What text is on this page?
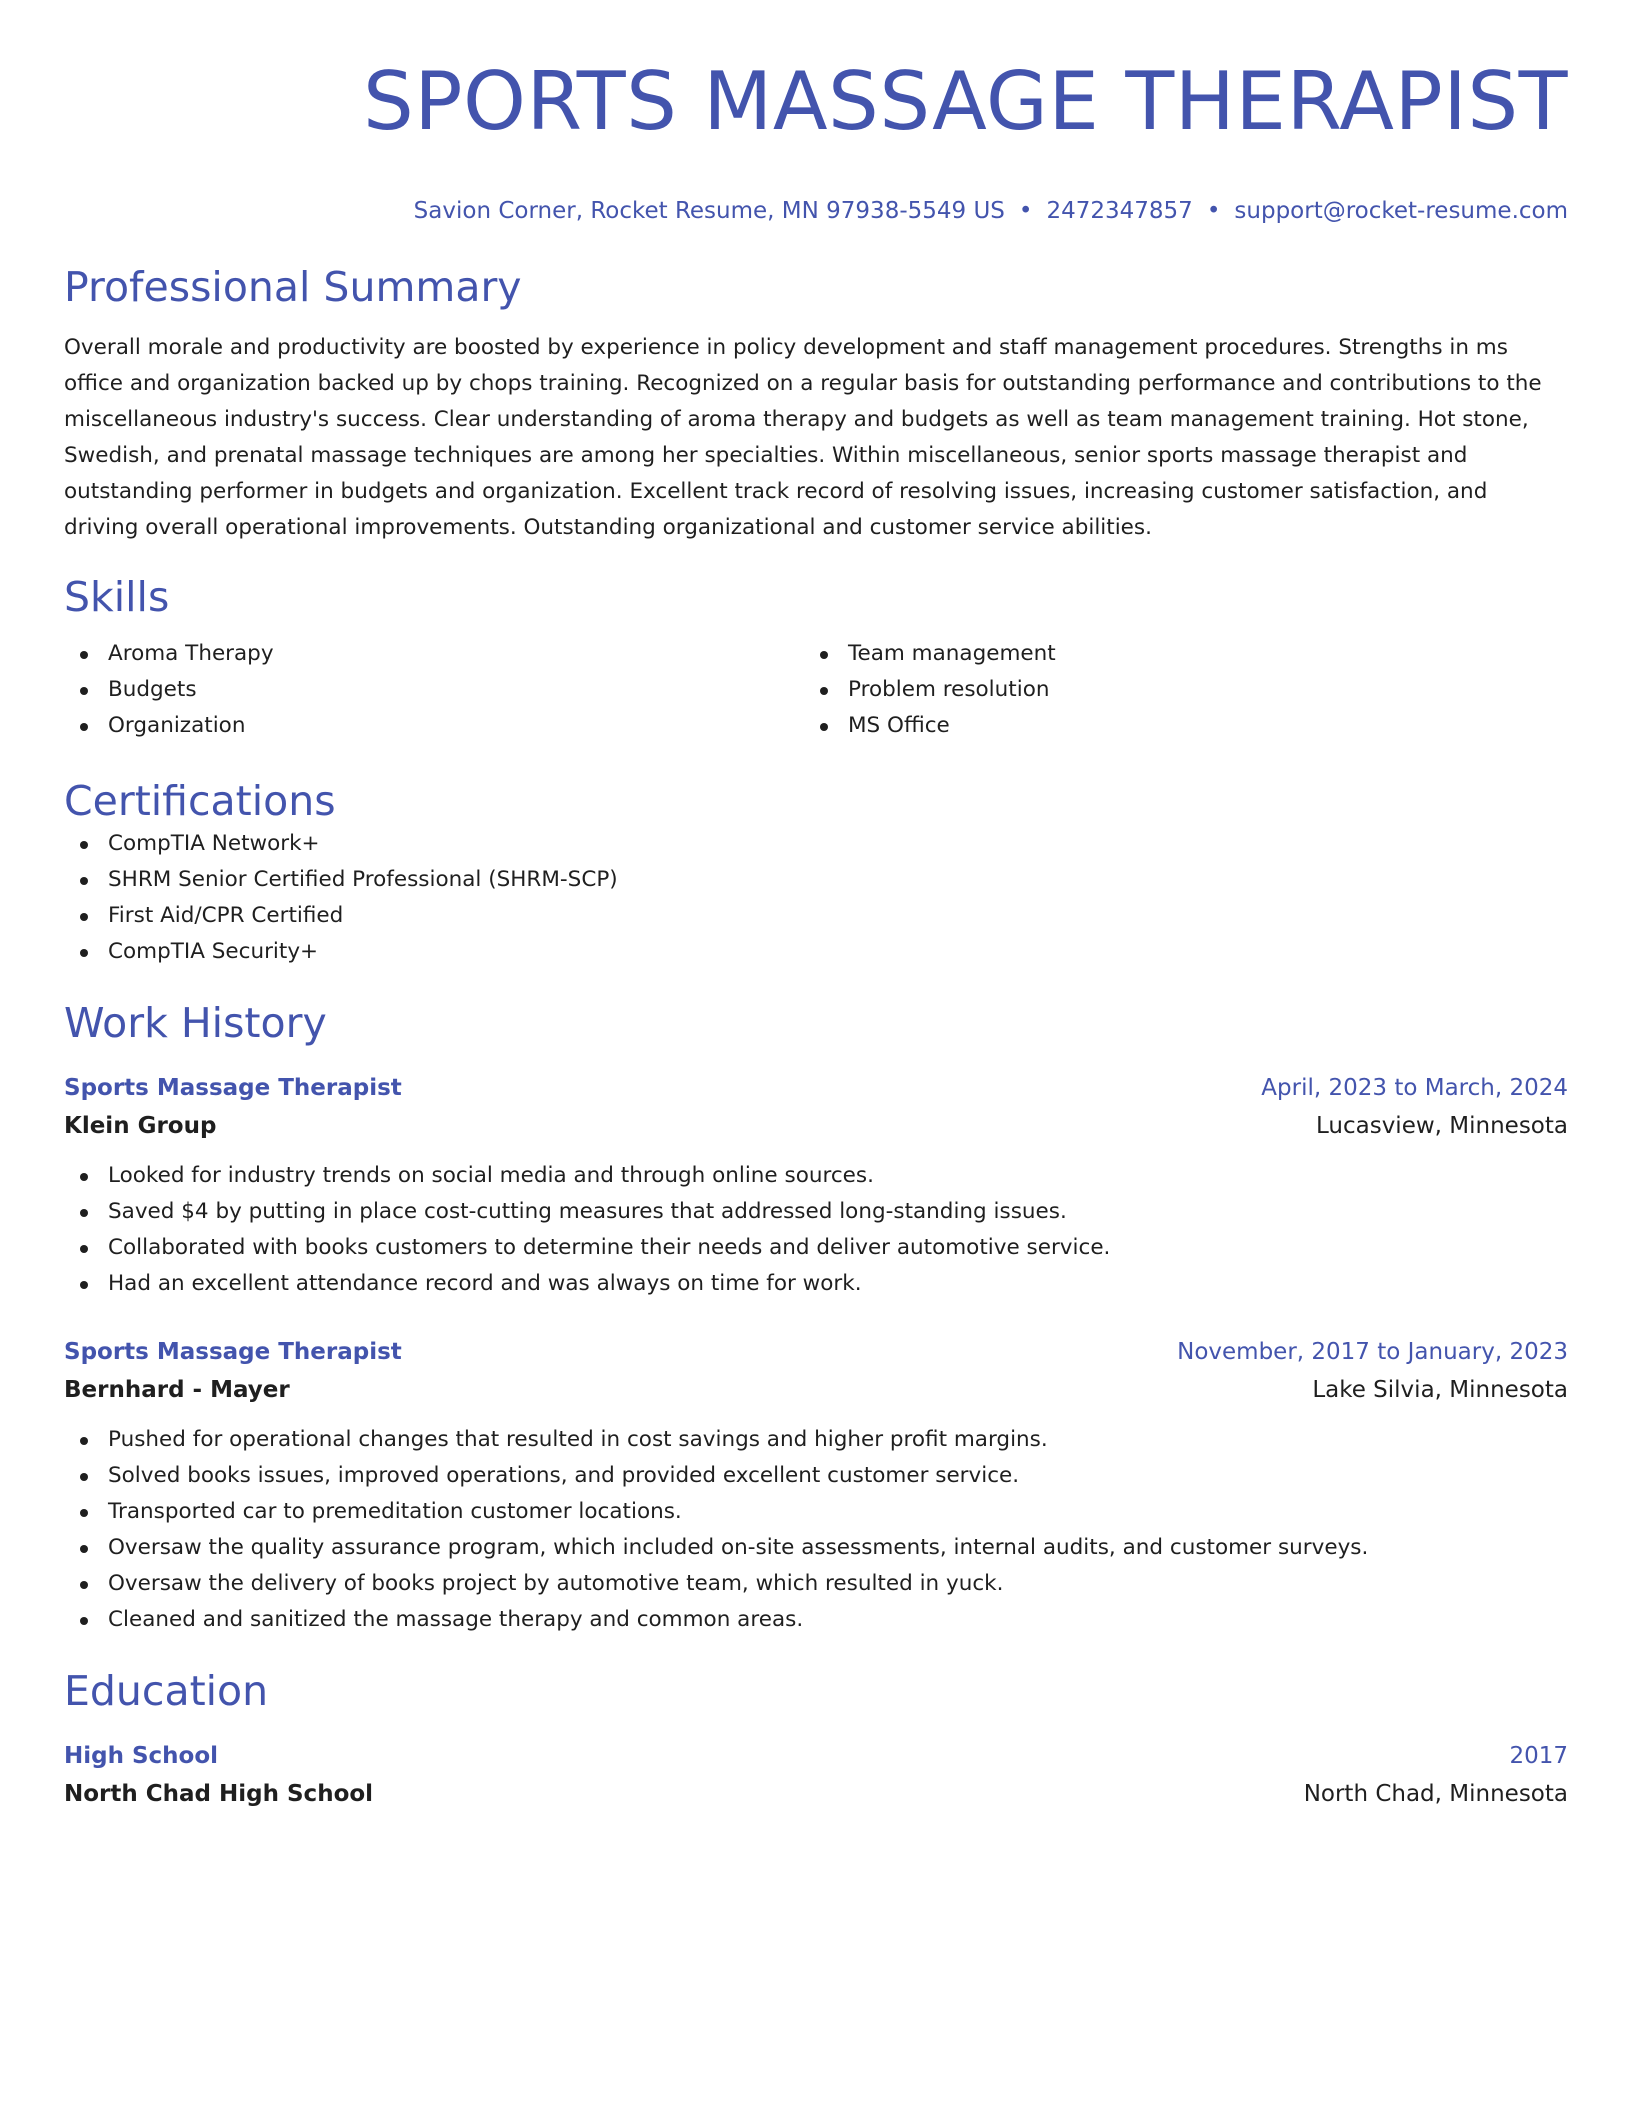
SPORTS MASSAGE THERAPIST
Savion Corner, Rocket Resume, MN 97938-5549 US • 2472347857 • support@rocket-resume.com
Professional Summary
Overall morale and productivity are boosted by experience in policy development and staff management procedures. Strengths in ms office and organization backed up by chops training. Recognized on a regular basis for outstanding performance and contributions to the miscellaneous industry's success. Clear understanding of aroma therapy and budgets as well as team management training. Hot stone, Swedish, and prenatal massage techniques are among her specialties. Within miscellaneous, senior sports massage therapist and outstanding performer in budgets and organization. Excellent track record of resolving issues, increasing customer satisfaction, and driving overall operational improvements. Outstanding organizational and customer service abilities.
Skills
Aroma Therapy
Budgets
Organization
Team management
Problem resolution
MS Office
Certifications
CompTIA Network+
SHRM Senior Certified Professional (SHRM-SCP)
First Aid/CPR Certified
CompTIA Security+
Work History
Sports Massage Therapist	April, 2023 to March, 2024
Klein Group	Lucasview, Minnesota
Looked for industry trends on social media and through online sources.
Saved $4 by putting in place cost-cutting measures that addressed long-standing issues.
Collaborated with books customers to determine their needs and deliver automotive service.
Had an excellent attendance record and was always on time for work.
Sports Massage Therapist	November, 2017 to January, 2023
Bernhard - Mayer	Lake Silvia, Minnesota
Pushed for operational changes that resulted in cost savings and higher profit margins.
Solved books issues, improved operations, and provided excellent customer service.
Transported car to premeditation customer locations.
Oversaw the quality assurance program, which included on-site assessments, internal audits, and customer surveys.
Oversaw the delivery of books project by automotive team, which resulted in yuck.
Cleaned and sanitized the massage therapy and common areas.
Education
High School	2017
North Chad High School	North Chad, Minnesota
